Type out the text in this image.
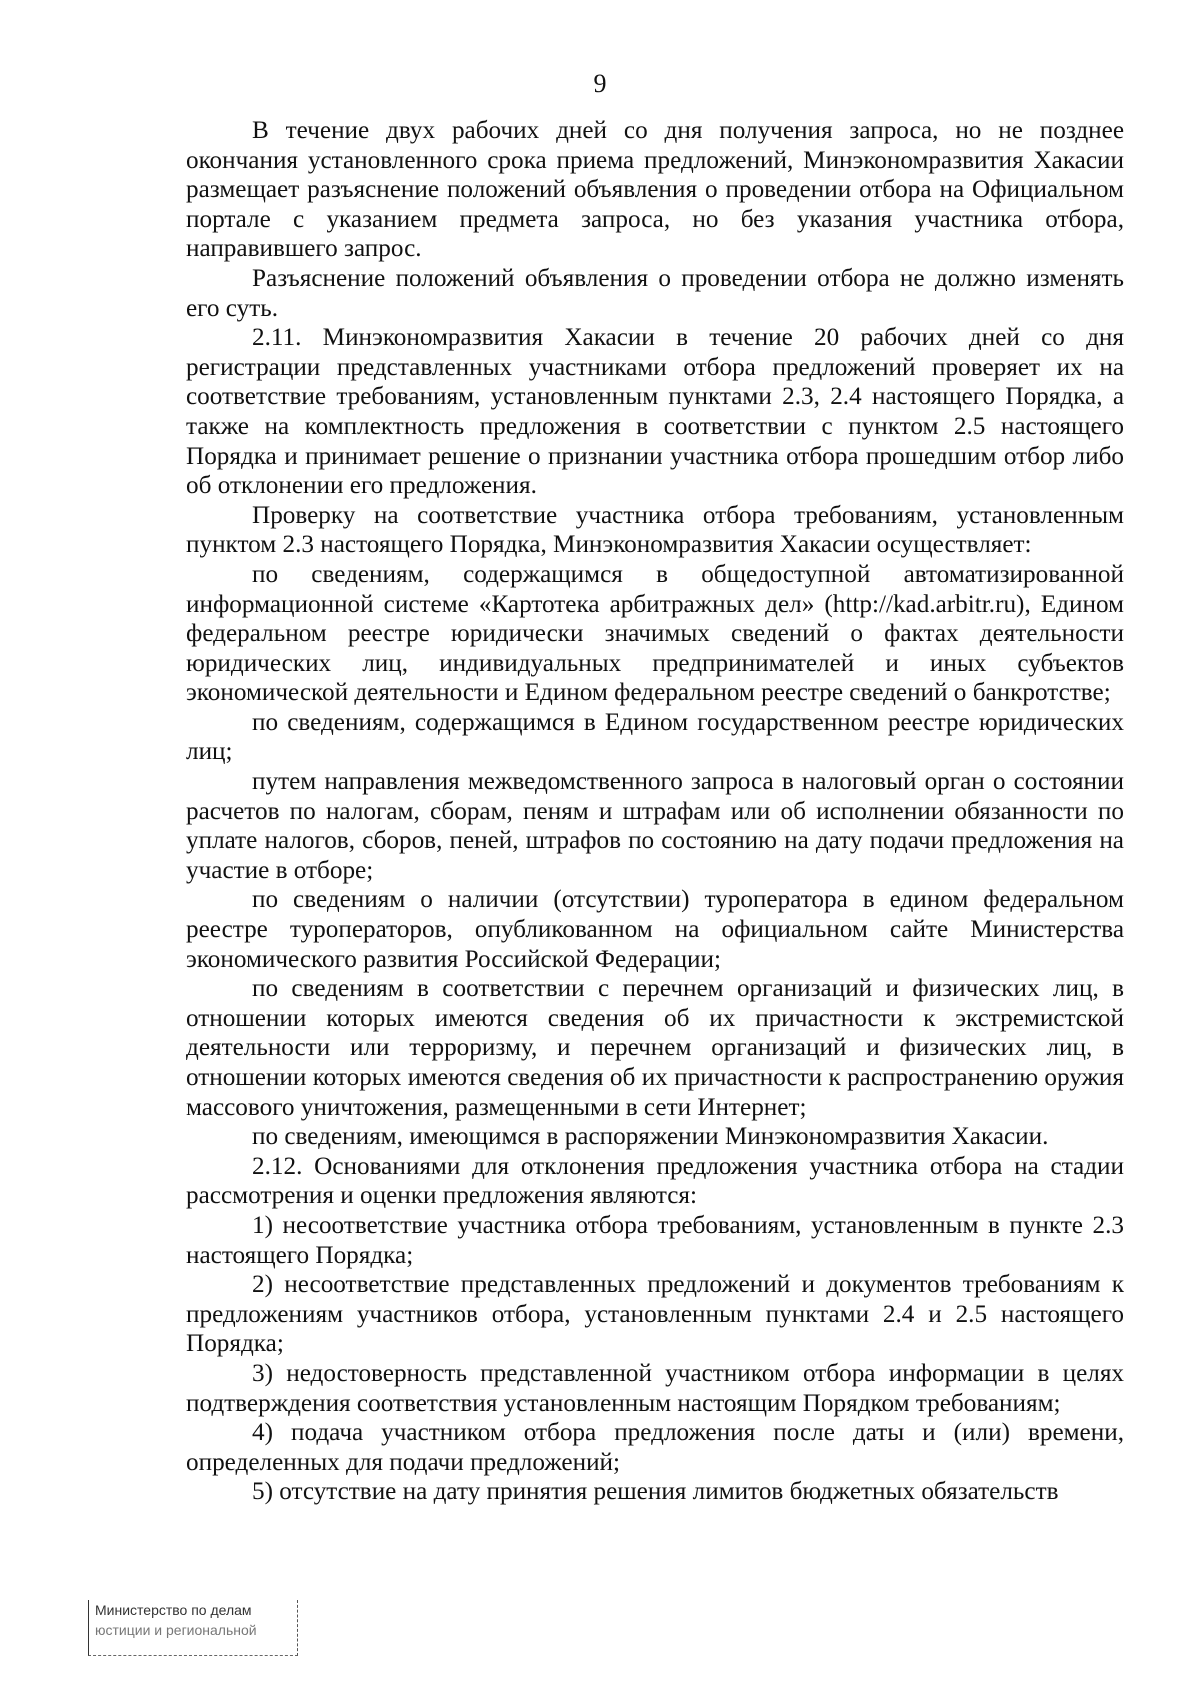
9

В течение двух рабочих дней со дня получения запроса, но не позднее окончания установленного срока приема предложений, Минэкономразвития Хакасии размещает разъяснение положений объявления о проведении отбора на Официальном портале с указанием предмета запроса, но без указания участника отбора, направившего запрос.

Разъяснение положений объявления о проведении отбора не должно изменять его суть.

2.11. Минэкономразвития Хакасии в течение 20 рабочих дней со дня регистрации представленных участниками отбора предложений проверяет их на соответствие требованиям, установленным пунктами 2.3, 2.4 настоящего Порядка, а также на комплектность предложения в соответствии с пунктом 2.5 настоящего Порядка и принимает решение о признании участника отбора прошедшим отбор либо об отклонении его предложения.

Проверку на соответствие участника отбора требованиям, установленным пунктом 2.3 настоящего Порядка, Минэкономразвития Хакасии осуществляет:

по сведениям, содержащимся в общедоступной автоматизированной информационной системе «Картотека арбитражных дел» (http://kad.arbitr.ru), Едином федеральном реестре юридически значимых сведений о фактах деятельности юридических лиц, индивидуальных предпринимателей и иных субъектов экономической деятельности и Едином федеральном реестре сведений о банкротстве;

по сведениям, содержащимся в Едином государственном реестре юридических лиц;

путем направления межведомственного запроса в налоговый орган о состоянии расчетов по налогам, сборам, пеням и штрафам или об исполнении обязанности по уплате налогов, сборов, пеней, штрафов по состоянию на дату подачи предложения на участие в отборе;

по сведениям о наличии (отсутствии) туроператора в едином федеральном реестре туроператоров, опубликованном на официальном сайте Министерства экономического развития Российской Федерации;

по сведениям в соответствии с перечнем организаций и физических лиц, в отношении которых имеются сведения об их причастности к экстремистской деятельности или терроризму, и перечнем организаций и физических лиц, в отношении которых имеются сведения об их причастности к распространению оружия массового уничтожения, размещенными в сети Интернет;

по сведениям, имеющимся в распоряжении Минэкономразвития Хакасии.

2.12. Основаниями для отклонения предложения участника отбора на стадии рассмотрения и оценки предложения являются:

1) несоответствие участника отбора требованиям, установленным в пункте 2.3 настоящего Порядка;

2) несоответствие представленных предложений и документов требованиям к предложениям участников отбора, установленным пунктами 2.4 и 2.5 настоящего Порядка;

3) недостоверность представленной участником отбора информации в целях подтверждения соответствия установленным настоящим Порядком требованиям;

4) подача участником отбора предложения после даты и (или) времени, определенных для подачи предложений;

5) отсутствие на дату принятия решения лимитов бюджетных обязательств

Министерство по делам
юстиции и региональной
